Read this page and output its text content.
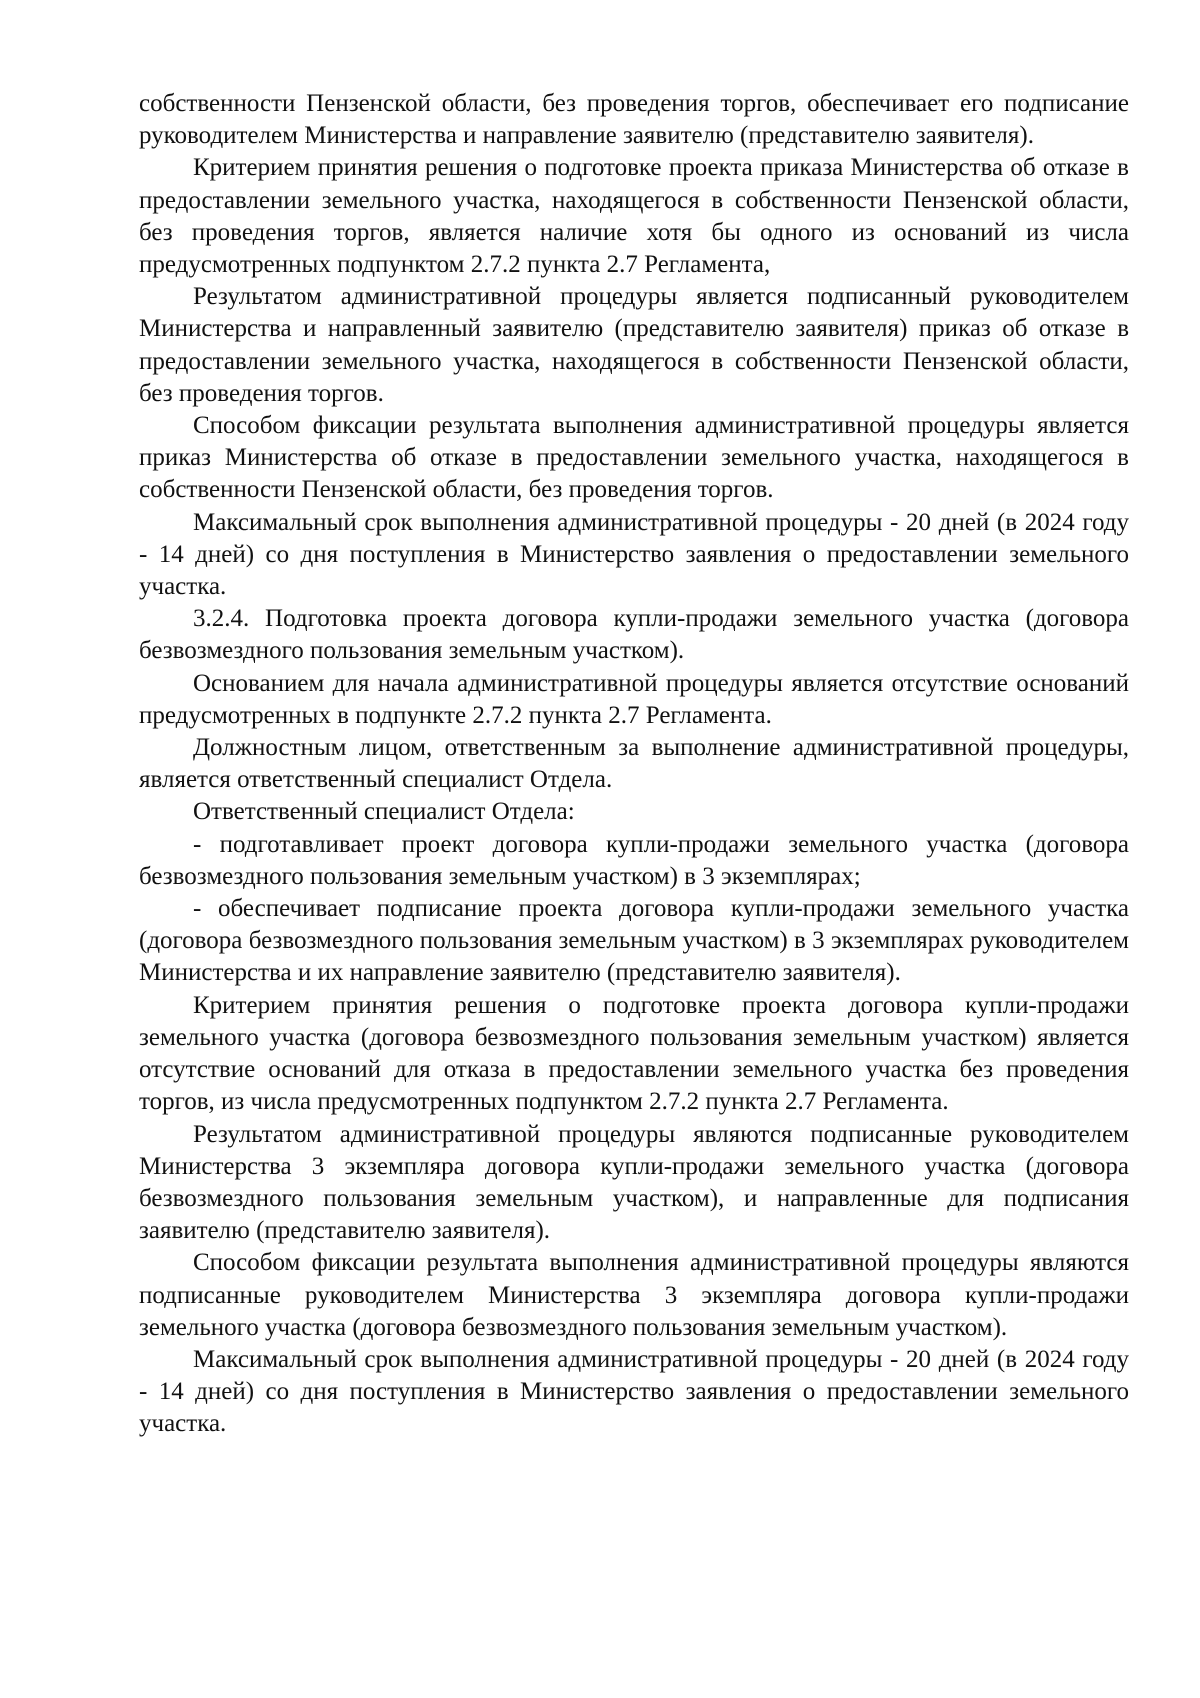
собственности Пензенской области, без проведения торгов, обеспечивает его подписание руководителем Министерства и направление заявителю (представителю заявителя).

Критерием принятия решения о подготовке проекта приказа Министерства об отказе в предоставлении земельного участка, находящегося в собственности Пензенской области, без проведения торгов, является наличие хотя бы одного из оснований из числа предусмотренных подпунктом 2.7.2 пункта 2.7 Регламента,

Результатом административной процедуры является подписанный руководителем Министерства и направленный заявителю (представителю заявителя) приказ об отказе в предоставлении земельного участка, находящегося в собственности Пензенской области, без проведения торгов.

Способом фиксации результата выполнения административной процедуры является приказ Министерства об отказе в предоставлении земельного участка, находящегося в собственности Пензенской области, без проведения торгов.

Максимальный срок выполнения административной процедуры - 20 дней (в 2024 году - 14 дней) со дня поступления в Министерство заявления о предоставлении земельного участка.

3.2.4. Подготовка проекта договора купли-продажи земельного участка (договора безвозмездного пользования земельным участком).

Основанием для начала административной процедуры является отсутствие оснований предусмотренных в подпункте 2.7.2 пункта 2.7 Регламента.

Должностным лицом, ответственным за выполнение административной процедуры, является ответственный специалист Отдела.

Ответственный специалист Отдела:

- подготавливает проект договора купли-продажи земельного участка (договора безвозмездного пользования земельным участком) в 3 экземплярах;

- обеспечивает подписание проекта договора купли-продажи земельного участка (договора безвозмездного пользования земельным участком) в 3 экземплярах руководителем Министерства и их направление заявителю (представителю заявителя).

Критерием принятия решения о подготовке проекта договора купли-продажи земельного участка (договора безвозмездного пользования земельным участком) является отсутствие оснований для отказа в предоставлении земельного участка без проведения торгов, из числа предусмотренных подпунктом 2.7.2 пункта 2.7 Регламента.

Результатом административной процедуры являются подписанные руководителем Министерства 3 экземпляра договора купли-продажи земельного участка (договора безвозмездного пользования земельным участком), и направленные для подписания заявителю (представителю заявителя).

Способом фиксации результата выполнения административной процедуры являются подписанные руководителем Министерства 3 экземпляра договора купли-продажи земельного участка (договора безвозмездного пользования земельным участком).

Максимальный срок выполнения административной процедуры - 20 дней (в 2024 году - 14 дней) со дня поступления в Министерство заявления о предоставлении земельного участка.
